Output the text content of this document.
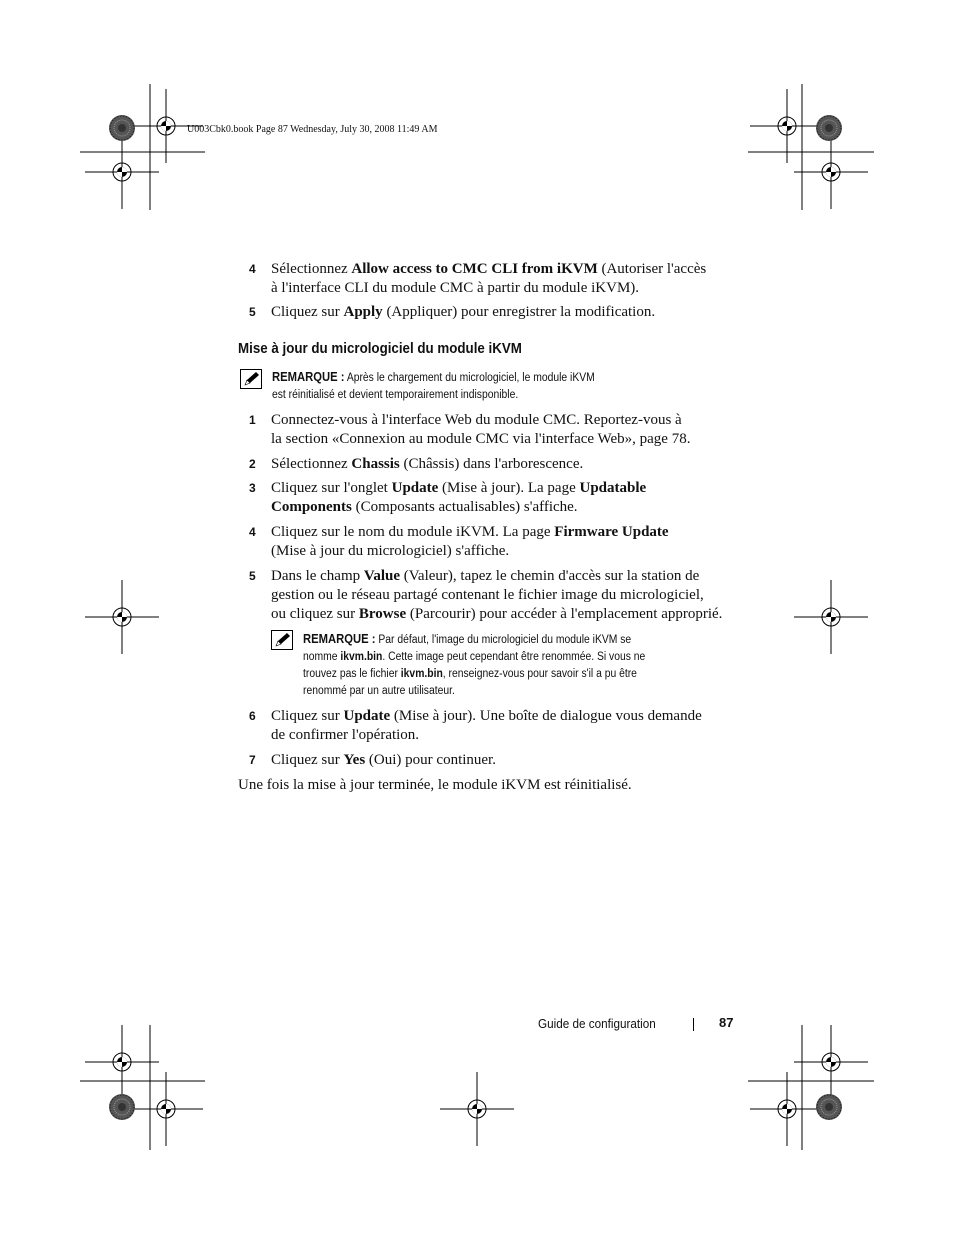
U003Cbk0.book Page 87 Wednesday, July 30, 2008 11:49 AM
4 Sélectionnez Allow access to CMC CLI from iKVM (Autoriser l'accès
à l'interface CLI du module CMC à partir du module iKVM).
5 Cliquez sur Apply (Appliquer) pour enregistrer la modification.
Mise à jour du micrologiciel du module iKVM
REMARQUE : Après le chargement du micrologiciel, le module iKVM
est réinitialisé et devient temporairement indisponible.
1 Connectez-vous à l'interface Web du module CMC. Reportez-vous à
la section «Connexion au module CMC via l'interface Web», page 78.
2 Sélectionnez Chassis (Châssis) dans l'arborescence.
3 Cliquez sur l'onglet Update (Mise à jour). La page Updatable
Components (Composants actualisables) s'affiche.
4 Cliquez sur le nom du module iKVM. La page Firmware Update
(Mise à jour du micrologiciel) s'affiche.
5 Dans le champ Value (Valeur), tapez le chemin d'accès sur la station de
gestion ou le réseau partagé contenant le fichier image du micrologiciel,
ou cliquez sur Browse (Parcourir) pour accéder à l'emplacement approprié.
REMARQUE : Par défaut, l'image du micrologiciel du module iKVM se
nomme ikvm.bin. Cette image peut cependant être renommée. Si vous ne
trouvez pas le fichier ikvm.bin, renseignez-vous pour savoir s'il a pu être
renommé par un autre utilisateur.
6 Cliquez sur Update (Mise à jour). Une boîte de dialogue vous demande
de confirmer l'opération.
7 Cliquez sur Yes (Oui) pour continuer.
Une fois la mise à jour terminée, le module iKVM est réinitialisé.
Guide de configuration	87
